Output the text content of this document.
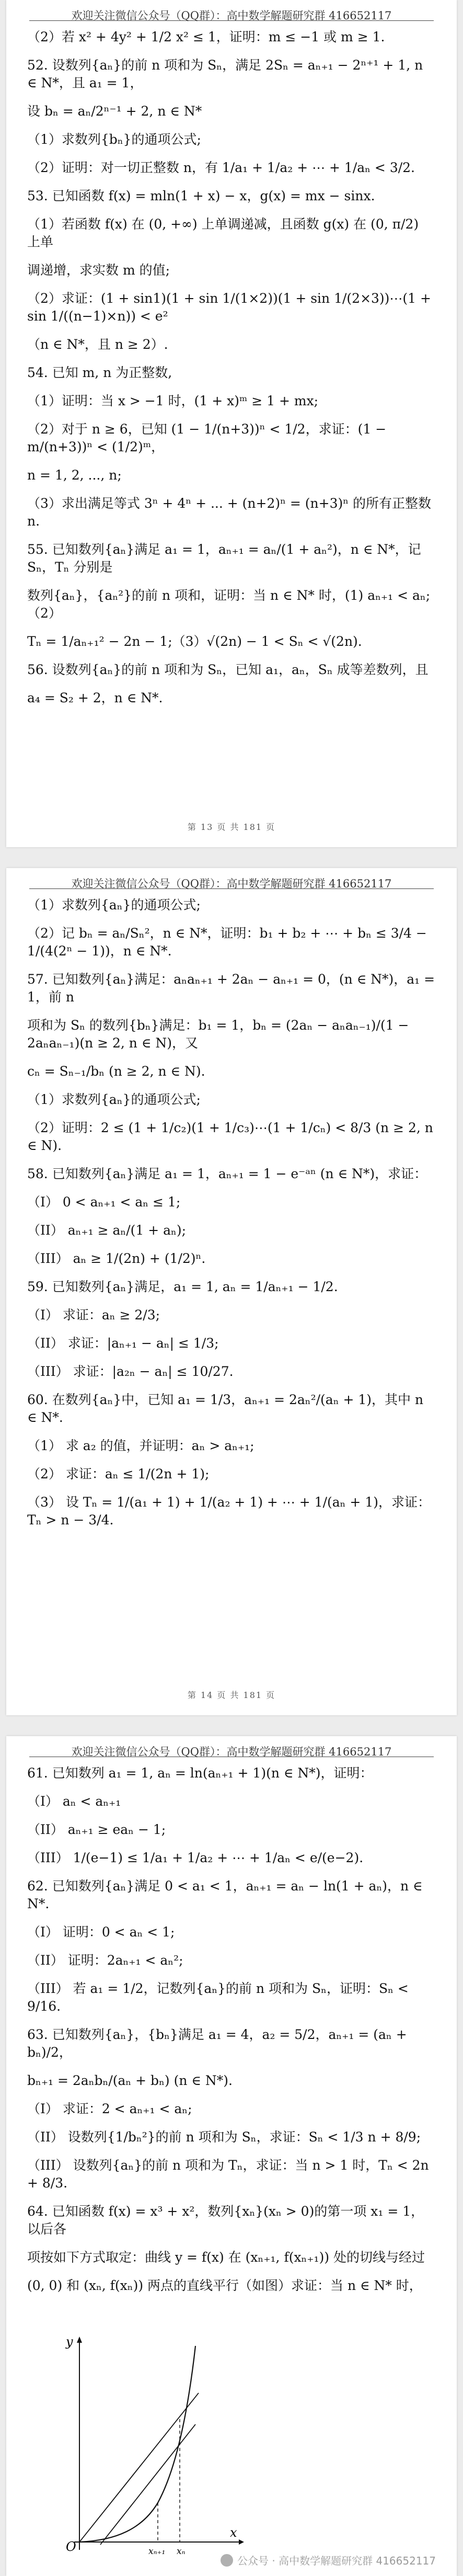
欢迎关注微信公众号（QQ群）：高中数学解题研究群 416652117

（2）若 x² + 4y² + 1/2 x² ≤ 1，证明：m ≤ −1 或 m ≥ 1.

52. 设数列{aₙ}的前 n 项和为 Sₙ，满足 2Sₙ = aₙ₊₁ − 2ⁿ⁺¹ + 1, n ∈ N*，且 a₁ = 1，

设 bₙ = aₙ/2ⁿ⁻¹ + 2, n ∈ N*

（1）求数列{bₙ}的通项公式;

（2）证明：对一切正整数 n，有 1/a₁ + 1/a₂ + ⋯ + 1/aₙ < 3/2.

53. 已知函数 f(x) = mln(1 + x) − x，g(x) = mx − sinx.

（1）若函数 f(x) 在 (0, +∞) 上单调递减，且函数 g(x) 在 (0, π/2) 上单

调递增，求实数 m 的值;

（2）求证：(1 + sin1)(1 + sin 1/(1×2))(1 + sin 1/(2×3))⋯(1 + sin 1/((n−1)×n)) < e²

（n ∈ N*，且 n ≥ 2）.

54. 已知 m, n 为正整数,

（1）证明：当 x > −1 时，(1 + x)ᵐ ≥ 1 + mx;

（2）对于 n ≥ 6，已知 (1 − 1/(n+3))ⁿ < 1/2，求证：(1 − m/(n+3))ⁿ < (1/2)ᵐ，

n = 1, 2, ..., n;

（3）求出满足等式 3ⁿ + 4ⁿ + ... + (n+2)ⁿ = (n+3)ⁿ 的所有正整数 n.

55. 已知数列{aₙ}满足 a₁ = 1，aₙ₊₁ = aₙ/(1 + aₙ²)，n ∈ N*，记 Sₙ，Tₙ 分别是

数列{aₙ}，{aₙ²}的前 n 项和，证明：当 n ∈ N* 时，(1) aₙ₊₁ < aₙ;（2）

Tₙ = 1/aₙ₊₁² − 2n − 1;（3）√(2n) − 1 < Sₙ < √(2n).

56. 设数列{aₙ}的前 n 项和为 Sₙ，已知 a₁，aₙ，Sₙ 成等差数列，且

a₄ = S₂ + 2，n ∈ N*.

第 13 页 共 181 页
欢迎关注微信公众号（QQ群）：高中数学解题研究群 416652117

（1）求数列{aₙ}的通项公式;

（2）记 bₙ = aₙ/Sₙ²，n ∈ N*，证明：b₁ + b₂ + ⋯ + bₙ ≤ 3/4 − 1/(4(2ⁿ − 1))，n ∈ N*.

57. 已知数列{aₙ}满足：aₙaₙ₊₁ + 2aₙ − aₙ₊₁ = 0，(n ∈ N*)，a₁ = 1，前 n

项和为 Sₙ 的数列{bₙ}满足：b₁ = 1，bₙ = (2aₙ − aₙaₙ₋₁)/(1 − 2aₙaₙ₋₁)(n ≥ 2, n ∈ N)，又

cₙ = Sₙ₋₁/bₙ (n ≥ 2, n ∈ N).

（1）求数列{aₙ}的通项公式;

（2）证明：2 ≤ (1 + 1/c₂)(1 + 1/c₃)⋯(1 + 1/cₙ) < 8/3 (n ≥ 2, n ∈ N).

58. 已知数列{aₙ}满足 a₁ = 1，aₙ₊₁ = 1 − e⁻ᵃⁿ (n ∈ N*)，求证：

（I） 0 < aₙ₊₁ < aₙ ≤ 1;

（II） aₙ₊₁ ≥ aₙ/(1 + aₙ);

（III） aₙ ≥ 1/(2n) + (1/2)ⁿ.

59. 已知数列{aₙ}满足，a₁ = 1, aₙ = 1/aₙ₊₁ − 1/2.

（I） 求证：aₙ ≥ 2/3;

（II） 求证：|aₙ₊₁ − aₙ| ≤ 1/3;

（III） 求证：|a₂ₙ − aₙ| ≤ 10/27.

60. 在数列{aₙ}中，已知 a₁ = 1/3，aₙ₊₁ = 2aₙ²/(aₙ + 1)，其中 n ∈ N*.

（1） 求 a₂ 的值，并证明：aₙ > aₙ₊₁;

（2） 求证：aₙ ≤ 1/(2n + 1);

（3） 设 Tₙ = 1/(a₁ + 1) + 1/(a₂ + 1) + ⋯ + 1/(aₙ + 1)，求证：Tₙ > n − 3/4.

第 14 页 共 181 页
欢迎关注微信公众号（QQ群）：高中数学解题研究群 416652117

61. 已知数列 a₁ = 1, aₙ = ln(aₙ₊₁ + 1)(n ∈ N*)，证明：

（I） aₙ < aₙ₊₁

（II） aₙ₊₁ ≥ eaₙ − 1;

（III） 1/(e−1) ≤ 1/a₁ + 1/a₂ + ⋯ + 1/aₙ < e/(e−2).

62. 已知数列{aₙ}满足 0 < a₁ < 1，aₙ₊₁ = aₙ − ln(1 + aₙ)，n ∈ N*.

（I） 证明：0 < aₙ < 1;

（II） 证明：2aₙ₊₁ < aₙ²;

（III） 若 a₁ = 1/2，记数列{aₙ}的前 n 项和为 Sₙ，证明：Sₙ < 9/16.

63. 已知数列{aₙ}，{bₙ}满足 a₁ = 4，a₂ = 5/2，aₙ₊₁ = (aₙ + bₙ)/2，

bₙ₊₁ = 2aₙbₙ/(aₙ + bₙ) (n ∈ N*).

（I） 求证：2 < aₙ₊₁ < aₙ;

（II） 设数列{1/bₙ²}的前 n 项和为 Sₙ，求证：Sₙ < 1/3 n + 8/9;

（III） 设数列{aₙ}的前 n 项和为 Tₙ，求证：当 n > 1 时，Tₙ < 2n + 8/3.

64. 已知函数 f(x) = x³ + x²，数列{xₙ}(xₙ > 0)的第一项 x₁ = 1，以后各

项按如下方式取定：曲线 y = f(x) 在 (xₙ₊₁, f(xₙ₊₁)) 处的切线与经过

(0, 0) 和 (xₙ, f(xₙ)) 两点的直线平行（如图）求证：当 n ∈ N* 时，

y
x
O	xₙ₊₁ xₙ
公众号 · 高中数学解题研究群 416652117
